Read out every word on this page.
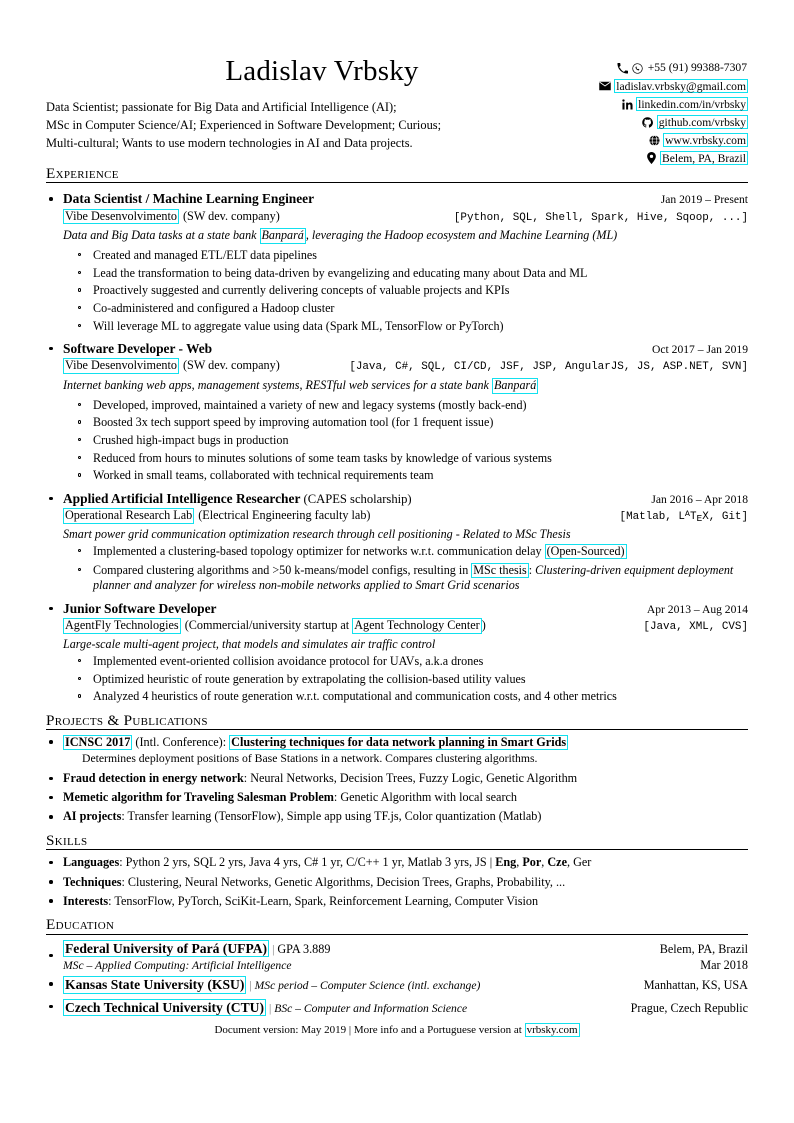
+55 (91) 99388-7307
ladislav.vrbsky@gmail.com
linkedin.com/in/vrbsky
github.com/vrbsky
www.vrbsky.com
Belem, PA, Brazil
Ladislav Vrbsky
Data Scientist; passionate for Big Data and Artificial Intelligence (AI);
MSc in Computer Science/AI; Experienced in Software Development; Curious;
Multi-cultural; Wants to use modern technologies in AI and Data projects.
Experience
Data Scientist / Machine Learning Engineer	Jan 2019 – Present
Vibe Desenvolvimento (SW dev. company)	[Python, SQL, Shell, Spark, Hive, Sqoop, ...]
Data and Big Data tasks at a state bank Banpará , leveraging the Hadoop ecosystem and Machine Learning (ML)
Created and managed ETL/ELT data pipelines
Lead the transformation to being data-driven by evangelizing and educating many about Data and ML
Proactively suggested and currently delivering concepts of valuable projects and KPIs
Co-administered and configured a Hadoop cluster
Will leverage ML to aggregate value using data (Spark ML, TensorFlow or PyTorch)
Software Developer - Web	Oct 2017 – Jan 2019
Vibe Desenvolvimento (SW dev. company)	[Java, C#, SQL, CI/CD, JSF, JSP, AngularJS, JS, ASP.NET, SVN]
Internet banking web apps, management systems, RESTful web services for a state bank Banpará
Developed, improved, maintained a variety of new and legacy systems (mostly back-end)
Boosted 3x tech support speed by improving automation tool (for 1 frequent issue)
Crushed high-impact bugs in production
Reduced from hours to minutes solutions of some team tasks by knowledge of various systems
Worked in small teams, collaborated with technical requirements team
Applied Artificial Intelligence Researcher (CAPES scholarship)	Jan 2016 – Apr 2018
Operational Research Lab (Electrical Engineering faculty lab)	[Matlab, $L^ATEX$, Git]
Smart power grid communication optimization research through cell positioning - Related to MSc Thesis
Implemented a clustering-based topology optimizer for networks w.r.t. communication delay (Open-Sourced)
Compared clustering algorithms and >50 k-means/model configs, resulting in MSc thesis : Clustering-driven equipment deployment planner and analyzer for wireless non-mobile networks applied to Smart Grid scenarios
Junior Software Developer	Apr 2013 – Aug 2014
AgentFly Technologies (Commercial/university startup at Agent Technology Center )	[Java, XML, CVS]
Large-scale multi-agent project, that models and simulates air traffic control
Implemented event-oriented collision avoidance protocol for UAVs, a.k.a drones
Optimized heuristic of route generation by extrapolating the collision-based utility values
Analyzed 4 heuristics of route generation w.r.t. computational and communication costs, and 4 other metrics
Projects & Publications
ICNSC 2017 (Intl. Conference): Clustering techniques for data network planning in Smart Grids
Determines deployment positions of Base Stations in a network. Compares clustering algorithms.
Fraud detection in energy network: Neural Networks, Decision Trees, Fuzzy Logic, Genetic Algorithm
Memetic algorithm for Traveling Salesman Problem: Genetic Algorithm with local search
AI projects: Transfer learning (TensorFlow), Simple app using TF.js, Color quantization (Matlab)
Skills
Languages: Python 2 yrs, SQL 2 yrs, Java 4 yrs, C# 1 yr, C/C++ 1 yr, Matlab 3 yrs, JS | Eng, Por, Cze, Ger
Techniques: Clustering, Neural Networks, Genetic Algorithms, Decision Trees, Graphs, Probability, ...
Interests: TensorFlow, PyTorch, SciKit-Learn, Spark, Reinforcement Learning, Computer Vision
Education
Federal University of Pará (UFPA) | GPA 3.889	Belem, PA, Brazil
MSc – Applied Computing: Artificial Intelligence	Mar 2018
Kansas State University (KSU) | MSc period – Computer Science (intl. exchange)	Manhattan, KS, USA
Czech Technical University (CTU) | BSc – Computer and Information Science	Prague, Czech Republic
Document version: May 2019 | More info and a Portuguese version at vrbsky.com
